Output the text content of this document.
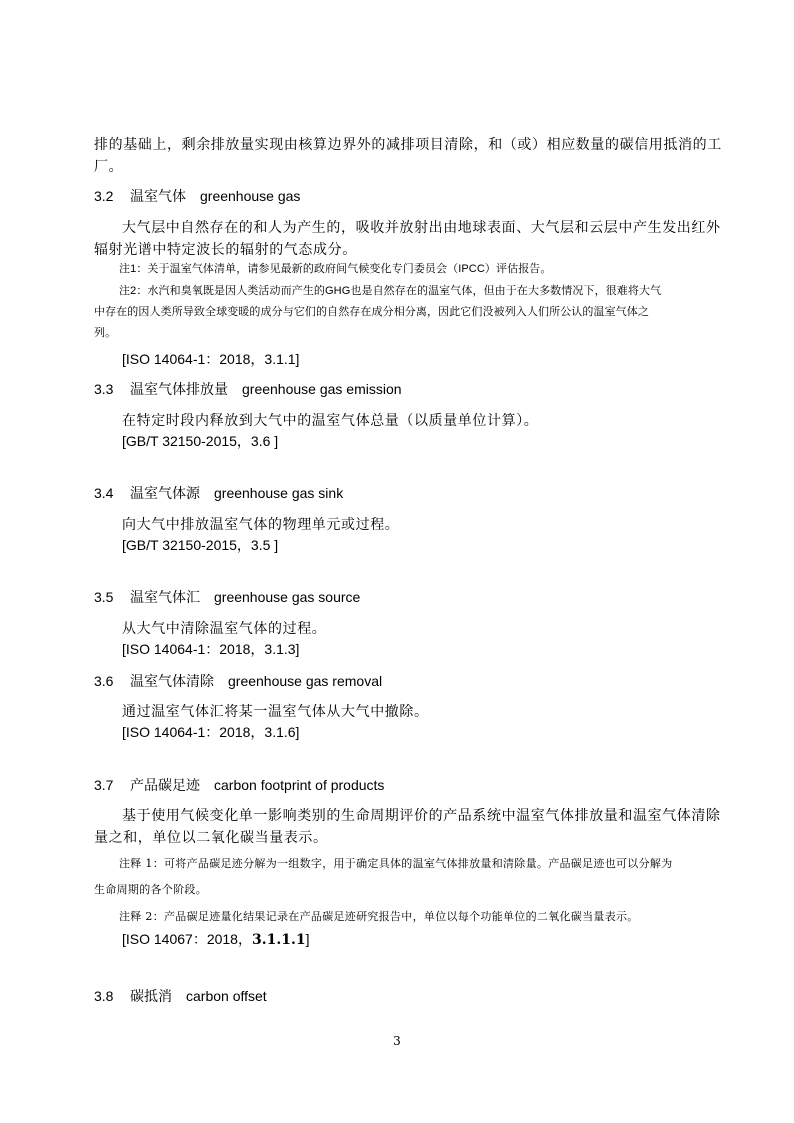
排的基础上，剩余排放量实现由核算边界外的减排项目清除，和（或）相应数量的碳信用抵消的工
厂。
3.2 温室气体 greenhouse gas
大气层中自然存在的和人为产生的，吸收并放射出由地球表面、大气层和云层中产生发出红外
辐射光谱中特定波长的辐射的气态成分。
注1：关于温室气体清单，请参见最新的政府间气候变化专门委员会（IPCC）评估报告。
注2：水汽和臭氧既是因人类活动而产生的GHG也是自然存在的温室气体，但由于在大多数情况下，很难将大气
中存在的因人类所导致全球变暖的成分与它们的自然存在成分相分离，因此它们没被列入人们所公认的温室气体之
列。
[ISO 14064-1：2018，3.1.1]
3.3 温室气体排放量 greenhouse gas emission
在特定时段内释放到大气中的温室气体总量（以质量单位计算）。
[GB/T 32150-2015，3.6 ]
3.4 温室气体源 greenhouse gas sink
向大气中排放温室气体的物理单元或过程。
[GB/T 32150-2015，3.5 ]
3.5 温室气体汇 greenhouse gas source
从大气中清除温室气体的过程。
[ISO 14064-1：2018，3.1.3]
3.6 温室气体清除 greenhouse gas removal
通过温室气体汇将某一温室气体从大气中撤除。
[ISO 14064-1：2018，3.1.6]
3.7 产品碳足迹 carbon footprint of products
基于使用气候变化单一影响类别的生命周期评价的产品系统中温室气体排放量和温室气体清除
量之和，单位以二氧化碳当量表示。
注释 1：可将产品碳足迹分解为一组数字，用于确定具体的温室气体排放量和清除量。产品碳足迹也可以分解为
生命周期的各个阶段。
注释 2：产品碳足迹量化结果记录在产品碳足迹研究报告中，单位以每个功能单位的二氧化碳当量表示。
[ISO 14067：2018，3.1.1.1]
3.8 碳抵消 carbon offset
3
